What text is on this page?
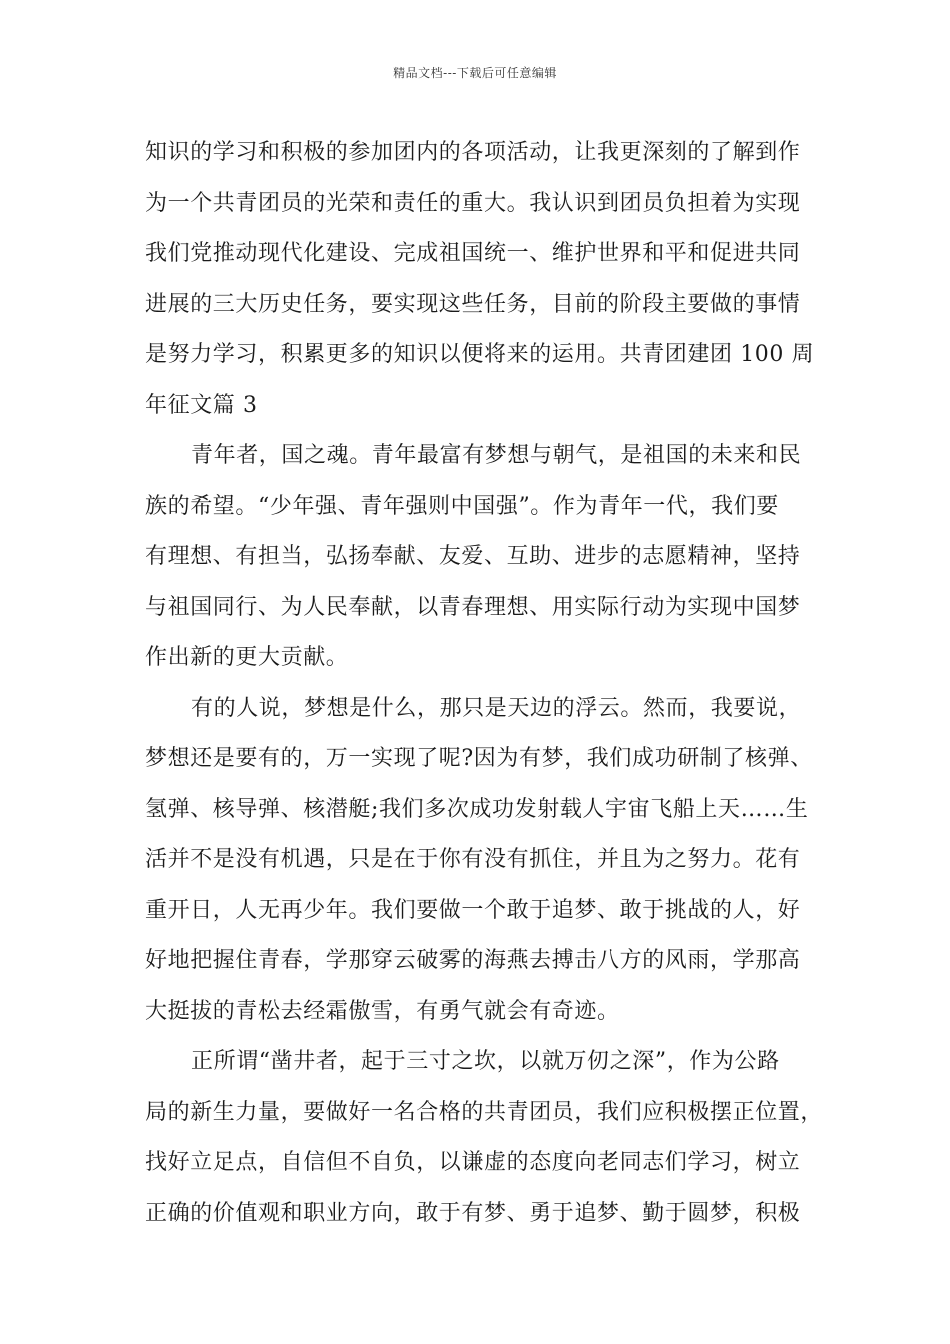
精品文档---下载后可任意编辑
知识的学习和积极的参加团内的各项活动，让我更深刻的了解到作
为一个共青团员的光荣和责任的重大。我认识到团员负担着为实现
我们党推动现代化建设、完成祖国统一、维护世界和平和促进共同
进展的三大历史任务，要实现这些任务，目前的阶段主要做的事情
是努力学习，积累更多的知识以便将来的运用。共青团建团 100 周
年征文篇 3
青年者，国之魂。青年最富有梦想与朝气，是祖国的未来和民
族的希望。“少年强、青年强则中国强”。作为青年一代，我们要
有理想、有担当，弘扬奉献、友爱、互助、进步的志愿精神，坚持
与祖国同行、为人民奉献，以青春理想、用实际行动为实现中国梦
作出新的更大贡献。
有的人说，梦想是什么，那只是天边的浮云。然而，我要说，
梦想还是要有的，万一实现了呢?因为有梦，我们成功研制了核弹、
氢弹、核导弹、核潜艇;我们多次成功发射载人宇宙飞船上天……生
活并不是没有机遇，只是在于你有没有抓住，并且为之努力。花有
重开日，人无再少年。我们要做一个敢于追梦、敢于挑战的人，好
好地把握住青春，学那穿云破雾的海燕去搏击八方的风雨，学那高
大挺拔的青松去经霜傲雪，有勇气就会有奇迹。
正所谓“凿井者，起于三寸之坎，以就万仞之深”，作为公路
局的新生力量，要做好一名合格的共青团员，我们应积极摆正位置，
找好立足点，自信但不自负，以谦虚的态度向老同志们学习，树立
正确的价值观和职业方向，敢于有梦、勇于追梦、勤于圆梦，积极
